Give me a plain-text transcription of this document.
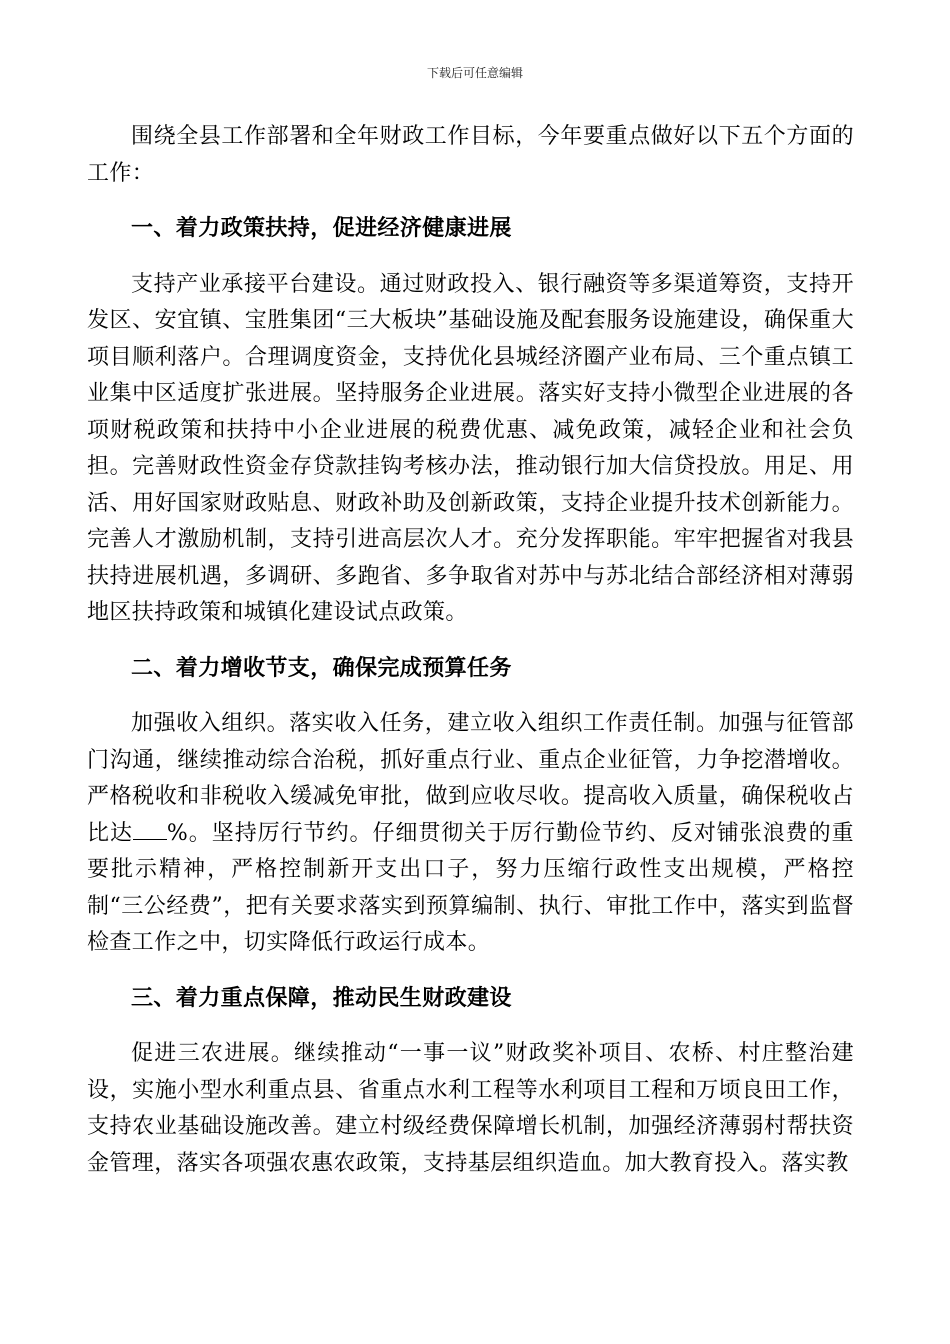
下载后可任意编辑

围绕全县工作部署和全年财政工作目标，今年要重点做好以下五个方面的工作：

一、着力政策扶持，促进经济健康进展

支持产业承接平台建设。通过财政投入、银行融资等多渠道筹资，支持开发区、安宜镇、宝胜集团“三大板块”基础设施及配套服务设施建设，确保重大项目顺利落户。合理调度资金，支持优化县城经济圈产业布局、三个重点镇工业集中区适度扩张进展。坚持服务企业进展。落实好支持小微型企业进展的各项财税政策和扶持中小企业进展的税费优惠、减免政策，减轻企业和社会负担。完善财政性资金存贷款挂钩考核办法，推动银行加大信贷投放。用足、用活、用好国家财政贴息、财政补助及创新政策，支持企业提升技术创新能力。完善人才激励机制，支持引进高层次人才。充分发挥职能。牢牢把握省对我县扶持进展机遇，多调研、多跑省、多争取省对苏中与苏北结合部经济相对薄弱地区扶持政策和城镇化建设试点政策。

二、着力增收节支，确保完成预算任务

加强收入组织。落实收入任务，建立收入组织工作责任制。加强与征管部门沟通，继续推动综合治税，抓好重点行业、重点企业征管，力争挖潜增收。严格税收和非税收入缓减免审批，做到应收尽收。提高收入质量，确保税收占比达 %。坚持厉行节约。仔细贯彻关于厉行勤俭节约、反对铺张浪费的重要批示精神，严格控制新开支出口子，努力压缩行政性支出规模，严格控制“三公经费”，把有关要求落实到预算编制、执行、审批工作中，落实到监督检查工作之中，切实降低行政运行成本。

三、着力重点保障，推动民生财政建设

促进三农进展。继续推动“一事一议”财政奖补项目、农桥、村庄整治建设，实施小型水利重点县、省重点水利工程等水利项目工程和万顷良田工作，支持农业基础设施改善。建立村级经费保障增长机制，加强经济薄弱村帮扶资金管理，落实各项强农惠农政策，支持基层组织造血。加大教育投入。落实教
